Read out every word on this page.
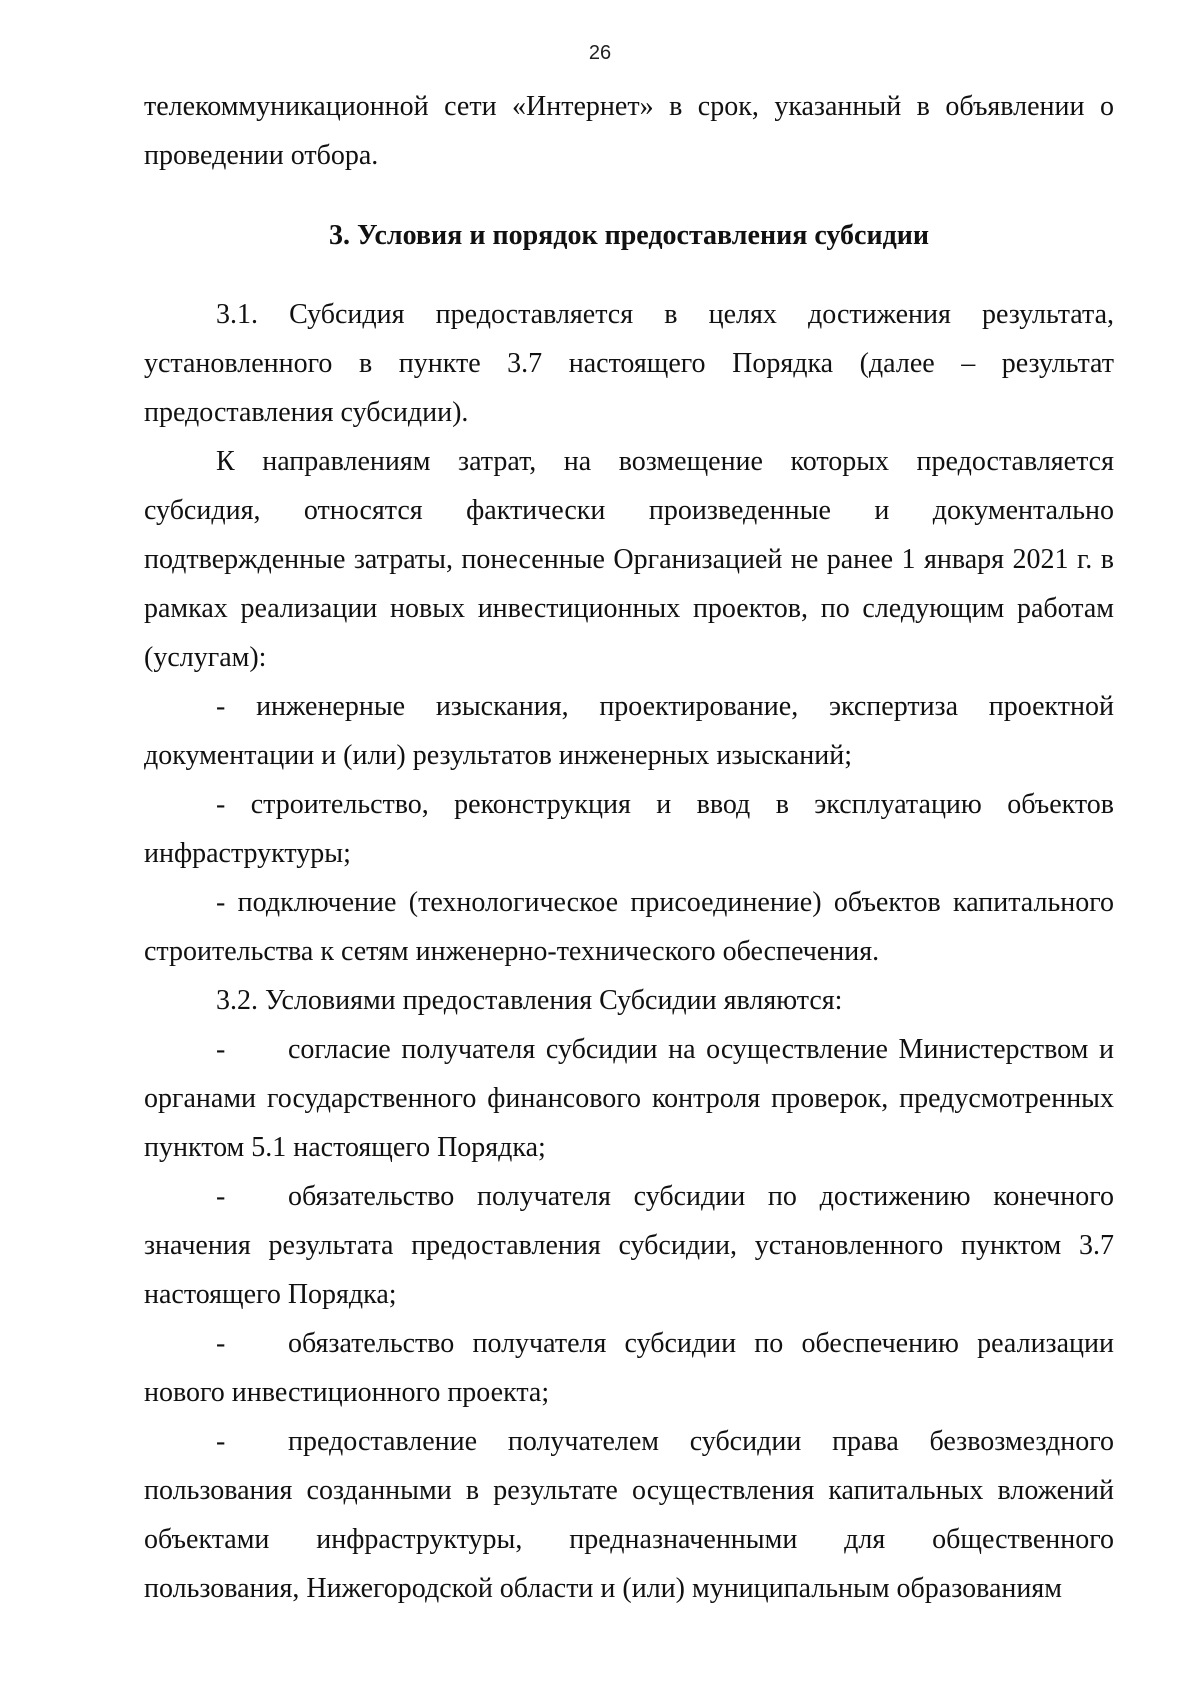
26

телекоммуникационной сети «Интернет» в срок, указанный в объявлении о проведении отбора.

3. Условия и порядок предоставления субсидии

3.1. Субсидия предоставляется в целях достижения результата, установленного в пункте 3.7 настоящего Порядка (далее – результат предоставления субсидии).

К направлениям затрат, на возмещение которых предоставляется субсидия, относятся фактически произведенные и документально подтвержденные затраты, понесенные Организацией не ранее 1 января 2021 г. в рамках реализации новых инвестиционных проектов, по следующим работам (услугам):

- инженерные изыскания, проектирование, экспертиза проектной документации и (или) результатов инженерных изысканий;

- строительство, реконструкция и ввод в эксплуатацию объектов инфраструктуры;

- подключение (технологическое присоединение) объектов капитального строительства к сетям инженерно-технического обеспечения.

3.2. Условиями предоставления Субсидии являются:

- согласие получателя субсидии на осуществление Министерством и органами государственного финансового контроля проверок, предусмотренных пунктом 5.1 настоящего Порядка;

- обязательство получателя субсидии по достижению конечного значения результата предоставления субсидии, установленного пунктом 3.7 настоящего Порядка;

- обязательство получателя субсидии по обеспечению реализации нового инвестиционного проекта;

- предоставление получателем субсидии права безвозмездного пользования созданными в результате осуществления капитальных вложений объектами инфраструктуры, предназначенными для общественного пользования, Нижегородской области и (или) муниципальным образованиям
